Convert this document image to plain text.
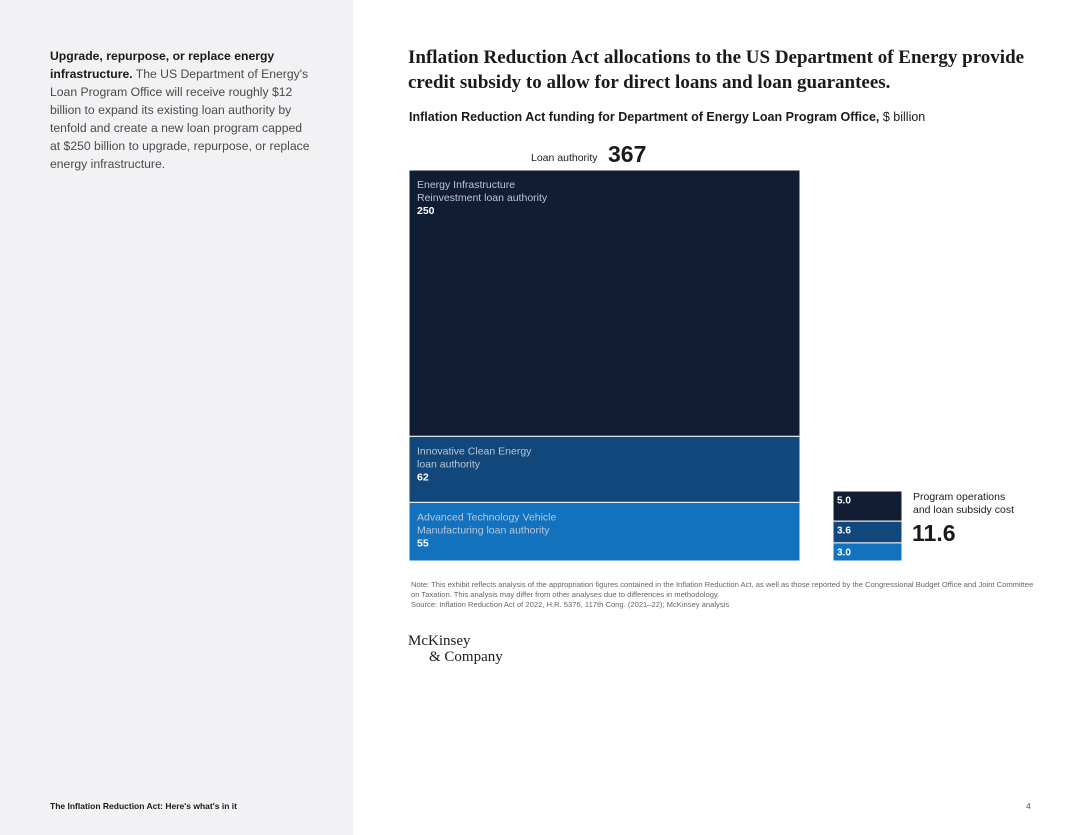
Upgrade, repurpose, or replace energy infrastructure. The US Department of Energy's Loan Program Office will receive roughly $12 billion to expand its existing loan authority by tenfold and create a new loan program capped at $250 billion to upgrade, repurpose, or replace energy infrastructure.
The Inflation Reduction Act: Here's what's in it	4
Inflation Reduction Act allocations to the US Department of Energy provide credit subsidy to allow for direct loans and loan guarantees.
Inflation Reduction Act funding for Department of Energy Loan Program Office, $ billion
Energy Infrastructure
Reinvestment loan authority
250
Innovative Clean Energy
loan authority
62
Advanced Technology Vehicle
Manufacturing loan authority
55
Loan authority 367
5.0
3.6
3.0
Program operations
and loan subsidy cost
11.6
Note: This exhibit reflects analysis of the appropriation figures contained in the Inflation Reduction Act, as well as those reported by the Congressional Budget Office and Joint Committee on Taxation. This analysis may differ from other analyses due to differences in methodology.
Source: Inflation Reduction Act of 2022, H.R. 5376, 117th Cong. (2021–22); McKinsey analysis
McKinsey
& Company
